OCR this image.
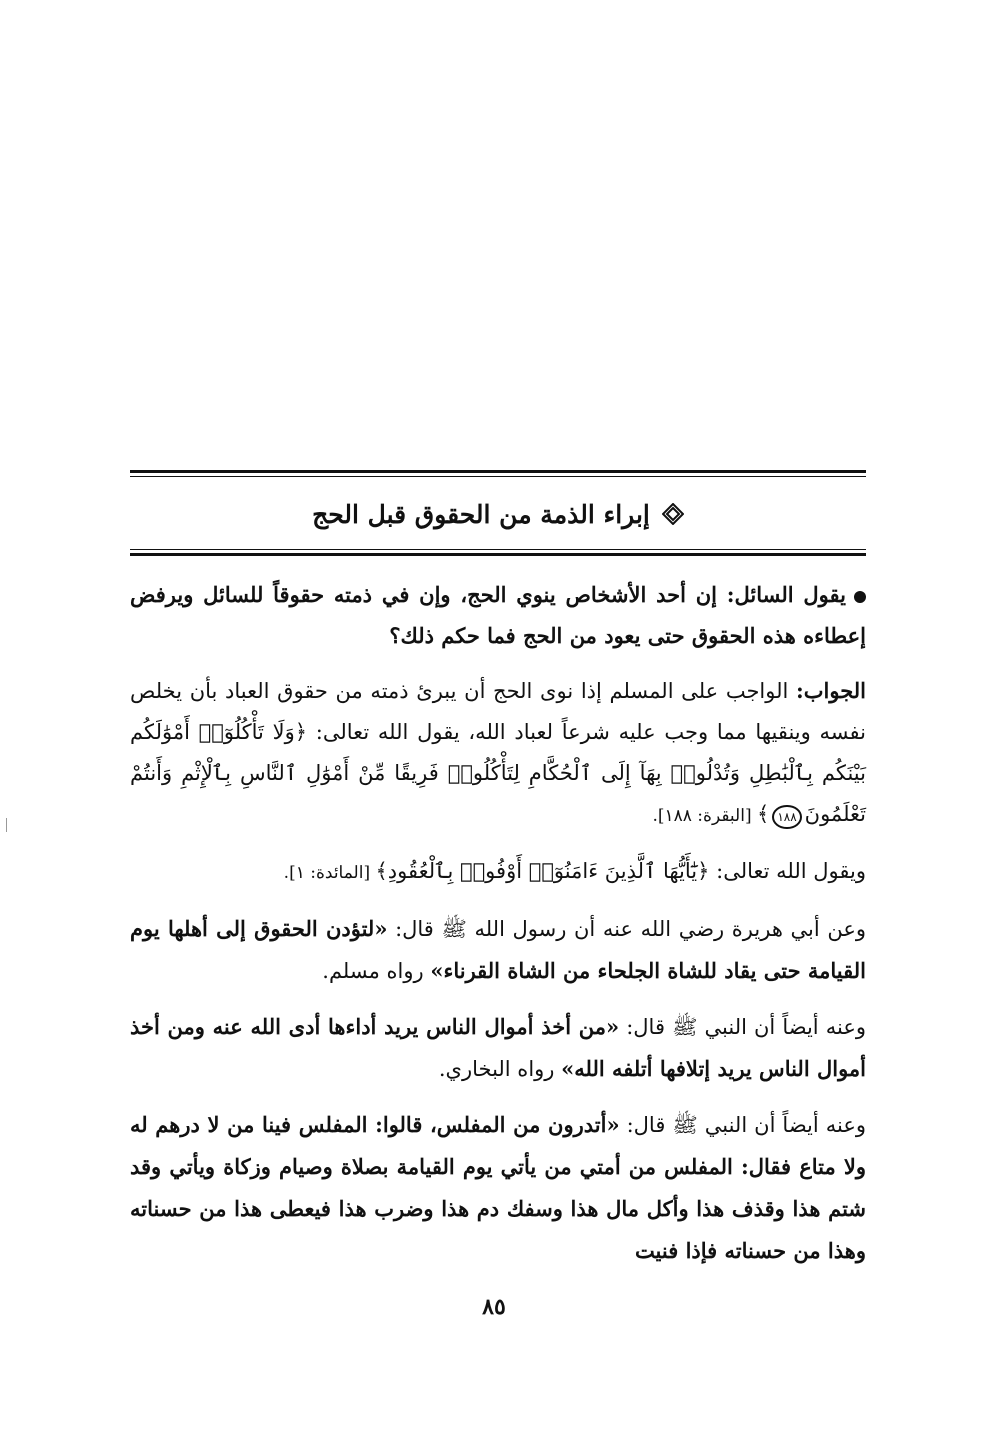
إبراء الذمة من الحقوق قبل الحج

يقول السائل: إن أحد الأشخاص ينوي الحج، وإن في ذمته حقوقاً للسائل ويرفض إعطاءه هذه الحقوق حتى يعود من الحج فما حكم ذلك؟

الجواب: الواجب على المسلم إذا نوى الحج أن يبرئ ذمته من حقوق العباد بأن يخلص نفسه وينقيها مما وجب عليه شرعاً لعباد الله، يقول الله تعالى: ﴿وَلَا تَأْكُلُوٓا۟ أَمْوَٰلَكُم بَيْنَكُم بِٱلْبَٰطِلِ وَتُدْلُوا۟ بِهَآ إِلَى ٱلْحُكَّامِ لِتَأْكُلُوا۟ فَرِيقًا مِّنْ أَمْوَٰلِ ٱلنَّاسِ بِٱلْإِثْمِ وَأَنتُمْ تَعْلَمُونَ١٨٨﴾ [البقرة: ١٨٨].

ويقول الله تعالى: ﴿يَٰٓأَيُّهَا ٱلَّذِينَ ءَامَنُوٓا۟ أَوْفُوا۟ بِٱلْعُقُودِ﴾ [المائدة: ١].

وعن أبي هريرة رضي الله عنه أن رسول الله ﷺ قال: «لتؤدن الحقوق إلى أهلها يوم القيامة حتى يقاد للشاة الجلحاء من الشاة القرناء» رواه مسلم.

وعنه أيضاً أن النبي ﷺ قال: «من أخذ أموال الناس يريد أداءها أدى الله عنه ومن أخذ أموال الناس يريد إتلافها أتلفه الله» رواه البخاري.

وعنه أيضاً أن النبي ﷺ قال: «أتدرون من المفلس، قالوا: المفلس فينا من لا درهم له ولا متاع فقال: المفلس من أمتي من يأتي يوم القيامة بصلاة وصيام وزكاة ويأتي وقد شتم هذا وقذف هذا وأكل مال هذا وسفك دم هذا وضرب هذا فيعطى هذا من حسناته وهذا من حسناته فإذا فنيت

٨٥
